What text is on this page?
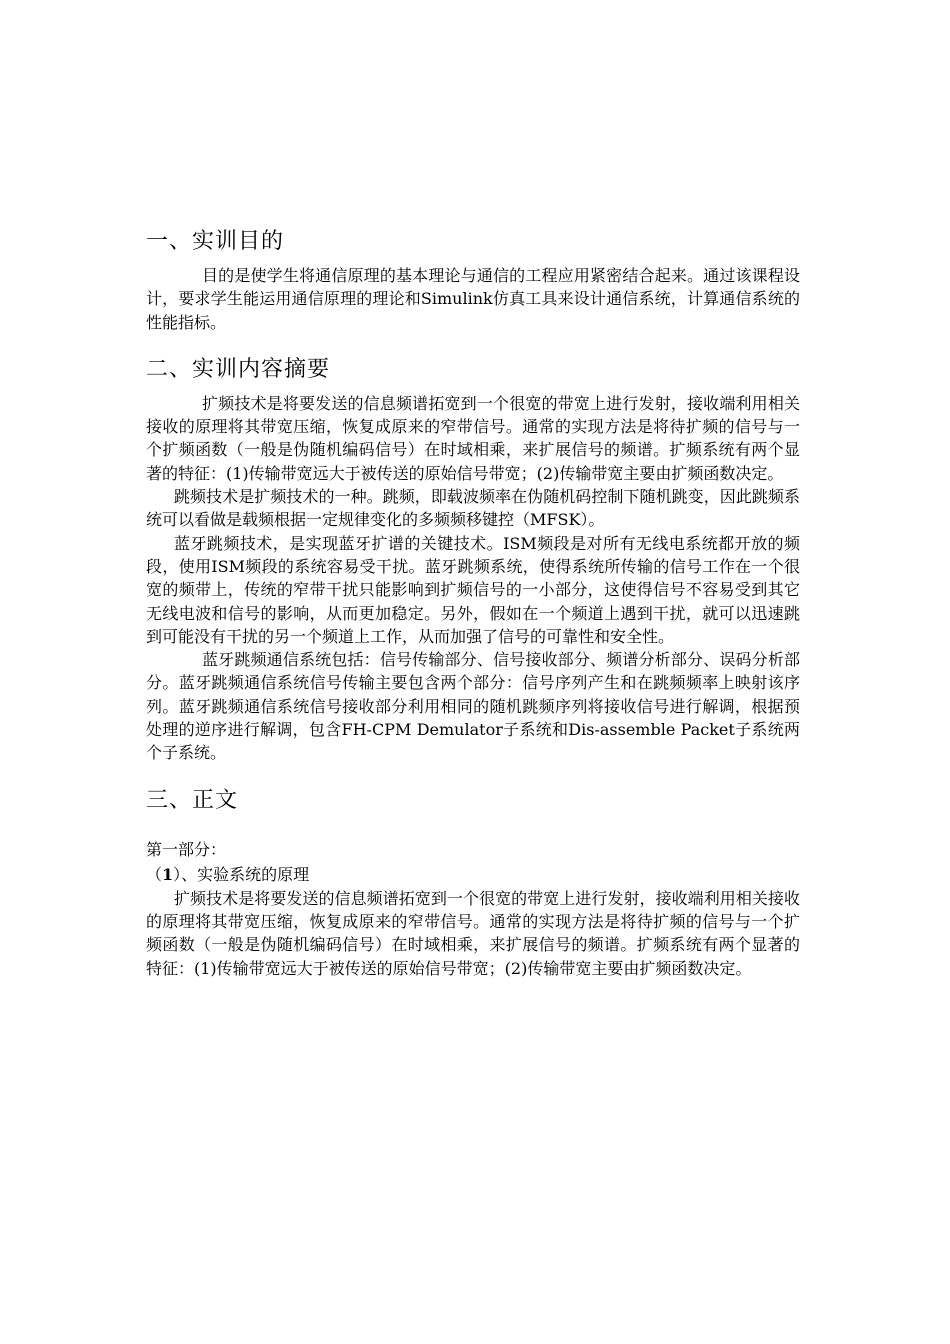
一、实训目的

目的是使学生将通信原理的基本理论与通信的工程应用紧密结合起来。通过该课程设计，要求学生能运用通信原理的理论和Simulink仿真工具来设计通信系统，计算通信系统的性能指标。

二、实训内容摘要

扩频技术是将要发送的信息频谱拓宽到一个很宽的带宽上进行发射，接收端利用相关接收的原理将其带宽压缩，恢复成原来的窄带信号。通常的实现方法是将待扩频的信号与一个扩频函数（一般是伪随机编码信号）在时域相乘，来扩展信号的频谱。扩频系统有两个显著的特征：(1)传输带宽远大于被传送的原始信号带宽；(2)传输带宽主要由扩频函数决定。

跳频技术是扩频技术的一种。跳频，即载波频率在伪随机码控制下随机跳变，因此跳频系统可以看做是载频根据一定规律变化的多频频移键控（MFSK）。

蓝牙跳频技术，是实现蓝牙扩谱的关键技术。ISM频段是对所有无线电系统都开放的频段，使用ISM频段的系统容易受干扰。蓝牙跳频系统，使得系统所传输的信号工作在一个很宽的频带上，传统的窄带干扰只能影响到扩频信号的一小部分，这使得信号不容易受到其它无线电波和信号的影响，从而更加稳定。另外，假如在一个频道上遇到干扰，就可以迅速跳到可能没有干扰的另一个频道上工作，从而加强了信号的可靠性和安全性。

蓝牙跳频通信系统包括：信号传输部分、信号接收部分、频谱分析部分、误码分析部分。蓝牙跳频通信系统信号传输主要包含两个部分：信号序列产生和在跳频频率上映射该序列。蓝牙跳频通信系统信号接收部分利用相同的随机跳频序列将接收信号进行解调，根据预处理的逆序进行解调，包含FH-CPM Demulator子系统和Dis-assemble Packet子系统两个子系统。

三、正文

第一部分：

（1）、实验系统的原理

扩频技术是将要发送的信息频谱拓宽到一个很宽的带宽上进行发射，接收端利用相关接收的原理将其带宽压缩，恢复成原来的窄带信号。通常的实现方法是将待扩频的信号与一个扩频函数（一般是伪随机编码信号）在时域相乘，来扩展信号的频谱。扩频系统有两个显著的特征：(1)传输带宽远大于被传送的原始信号带宽；(2)传输带宽主要由扩频函数决定。
